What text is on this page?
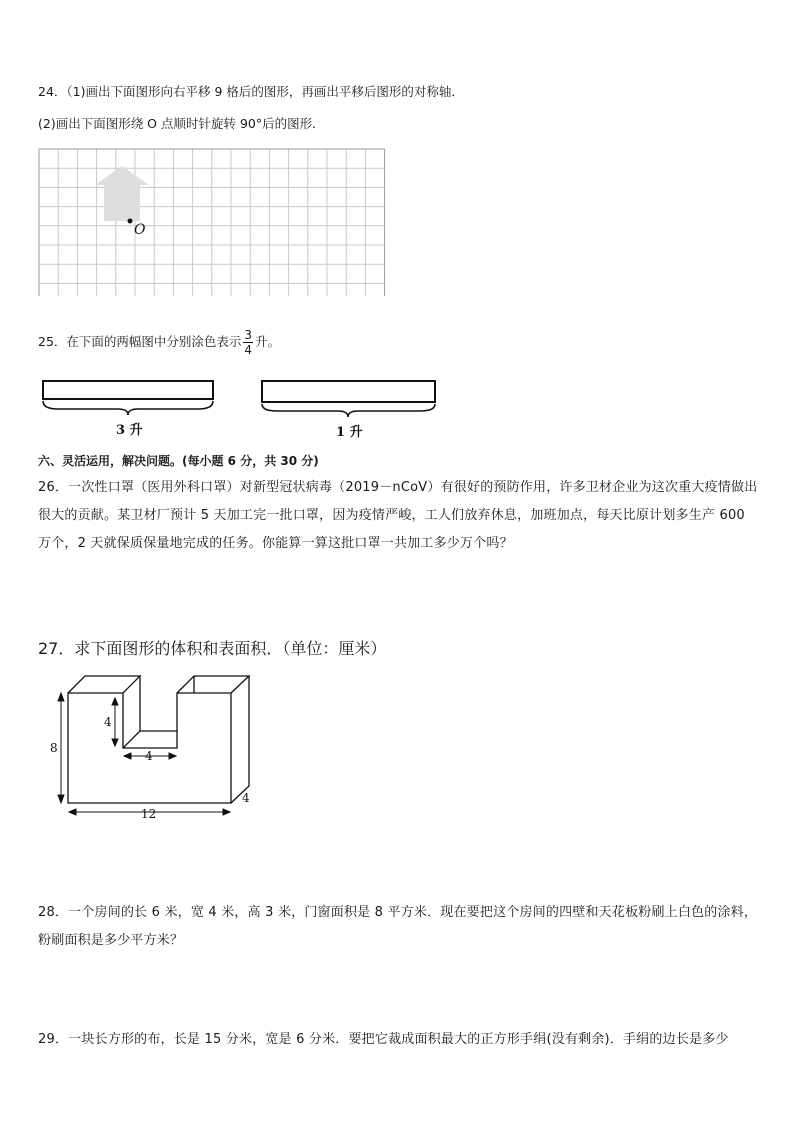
24．（1)画出下面图形向右平移 9 格后的图形，再画出平移后图形的对称轴．
(2)画出下面图形绕 O 点顺时针旋转 90°后的图形．
O
25．在下面的两幅图中分别涂色表示 $\frac{3}{4}$ 升。
3 升	1 升
六、灵活运用，解决问题。(每小题 6 分，共 30 分)
26．一次性口罩（医用外科口罩）对新型冠状病毒（2019－nCoV）有很好的预防作用，许多卫材企业为这次重大疫情做出很大的贡献。某卫材厂预计 5 天加工完一批口罩，因为疫情严峻，工人们放弃休息，加班加点，每天比原计划多生产 600 万个，2 天就保质保量地完成的任务。你能算一算这批口罩一共加工多少万个吗？
27．求下面图形的体积和表面积．（单位：厘米）
4
4
8
12
4
28．一个房间的长 6 米，宽 4 米，高 3 米，门窗面积是 8 平方米．现在要把这个房间的四壁和天花板粉刷上白色的涂料，粉刷面积是多少平方米？
29．一块长方形的布，长是 15 分米，宽是 6 分米．要把它裁成面积最大的正方形手绢(没有剩余)．手绢的边长是多少
